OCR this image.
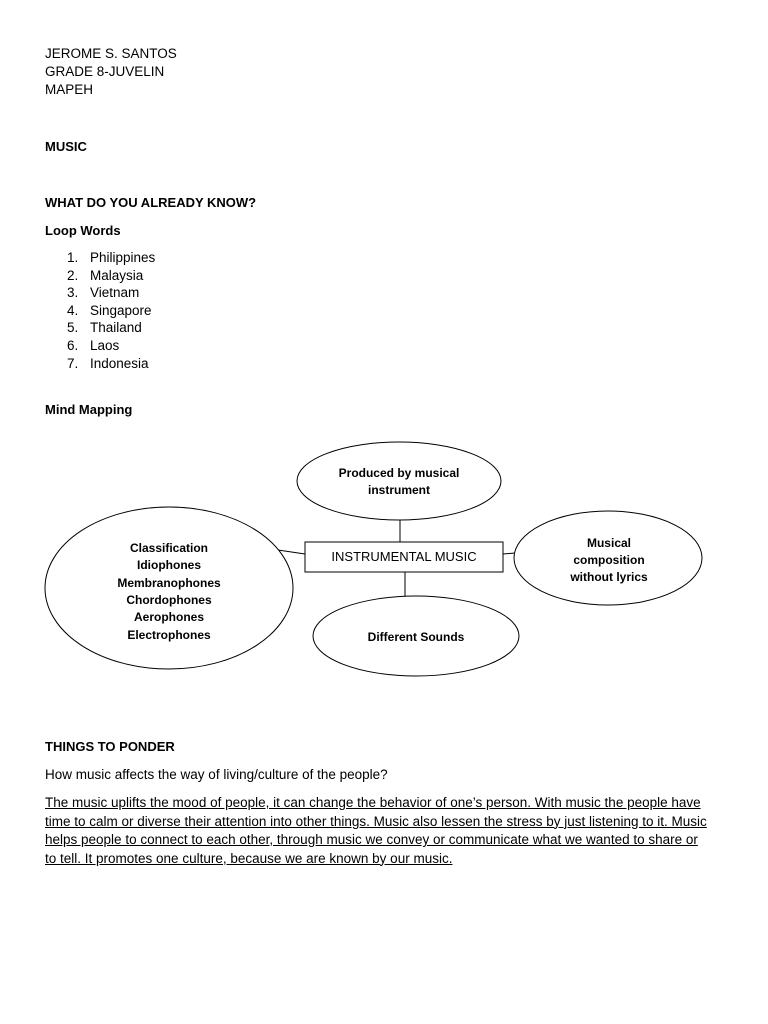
JEROME S. SANTOS
GRADE 8-JUVELIN
MAPEH
MUSIC
WHAT DO YOU ALREADY KNOW?
Loop Words
1. Philippines
2. Malaysia
3. Vietnam
4. Singapore
5. Thailand
6. Laos
7. Indonesia
Mind Mapping
Produced by musical
instrument
Classification
Idiophones
Membranophones
Chordophones
Aerophones
Electrophones
Musical
composition
without lyrics
Different Sounds
INSTRUMENTAL MUSIC
THINGS TO PONDER
How music affects the way of living/culture of the people?
The music uplifts the mood of people, it can change the behavior of one’s person. With music the people have
time to calm or diverse their attention into other things. Music also lessen the stress by just listening to it. Music
helps people to connect to each other, through music we convey or communicate what we wanted to share or
to tell. It promotes one culture, because we are known by our music.
